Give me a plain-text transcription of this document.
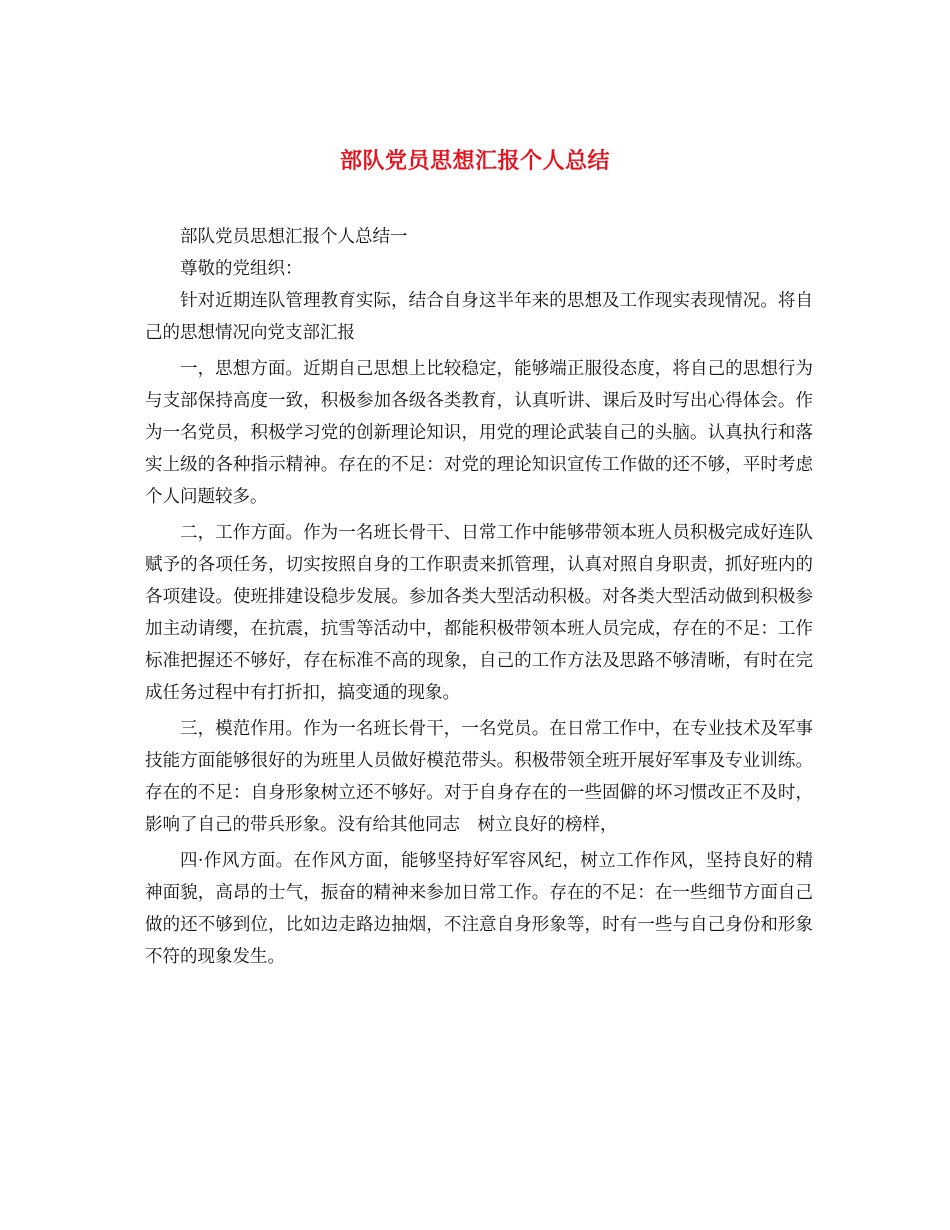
部队党员思想汇报个人总结

部队党员思想汇报个人总结一

尊敬的党组织：

针对近期连队管理教育实际，结合自身这半年来的思想及工作现实表现情况。将自己的思想情况向党支部汇报

一，思想方面。近期自己思想上比较稳定，能够端正服役态度，将自己的思想行为与支部保持高度一致，积极参加各级各类教育，认真听讲、课后及时写出心得体会。作为一名党员，积极学习党的创新理论知识，用党的理论武装自己的头脑。认真执行和落实上级的各种指示精神。存在的不足：对党的理论知识宣传工作做的还不够，平时考虑个人问题较多。

二，工作方面。作为一名班长骨干、日常工作中能够带领本班人员积极完成好连队赋予的各项任务，切实按照自身的工作职责来抓管理，认真对照自身职责，抓好班内的各项建设。使班排建设稳步发展。参加各类大型活动积极。对各类大型活动做到积极参加主动请缨，在抗震，抗雪等活动中，都能积极带领本班人员完成，存在的不足：工作标准把握还不够好，存在标准不高的现象，自己的工作方法及思路不够清晰，有时在完成任务过程中有打折扣，搞变通的现象。

三，模范作用。作为一名班长骨干，一名党员。在日常工作中，在专业技术及军事技能方面能够很好的为班里人员做好模范带头。积极带领全班开展好军事及专业训练。存在的不足：自身形象树立还不够好。对于自身存在的一些固僻的坏习惯改正不及时，影响了自己的带兵形象。没有给其他同志　树立良好的榜样，

四·作风方面。在作风方面，能够坚持好军容风纪，树立工作作风，坚持良好的精神面貌，高昂的士气，振奋的精神来参加日常工作。存在的不足：在一些细节方面自己做的还不够到位，比如边走路边抽烟，不注意自身形象等，时有一些与自己身份和形象不符的现象发生。
